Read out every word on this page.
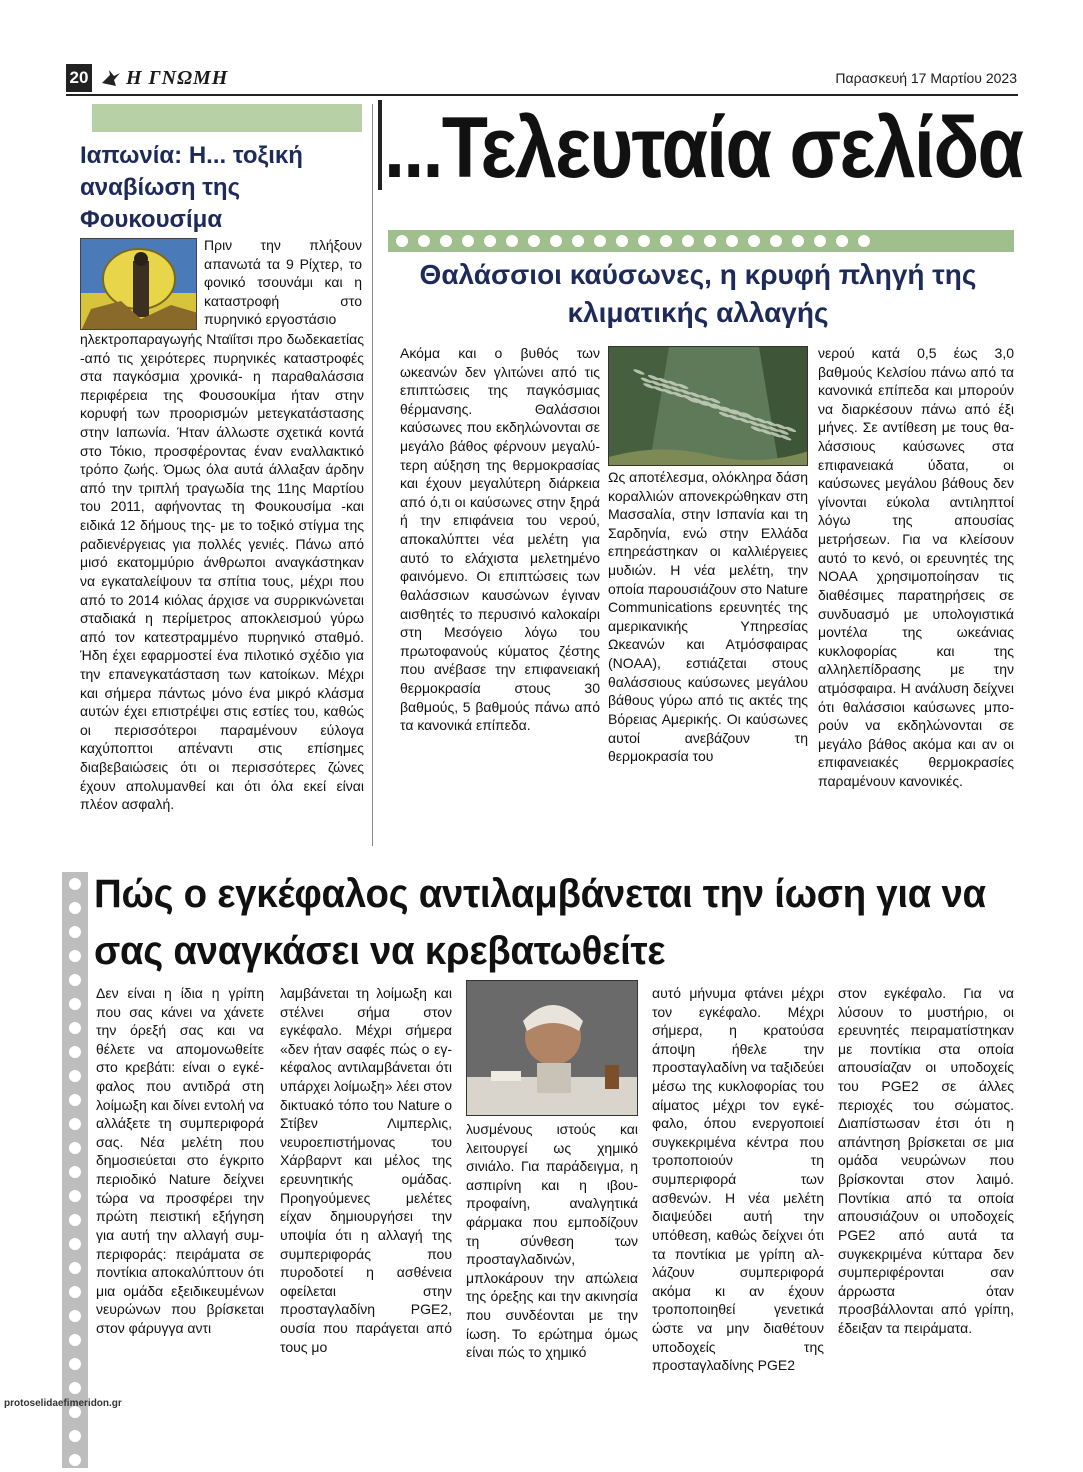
20 Η ΓΝΩΜΗ	Παρασκευή 17 Μαρτίου 2023
...Τελευταία σελίδα
Ιαπωνία: Η... τοξική αναβίωση της Φουκουσίμα

Πριν την πλήξουν απανωτά τα 9 Ρίχτερ, το φονικό τσουνάμι και η καταστροφή στο πυρηνικό εργοστάσιο

ηλεκτροπαραγωγής Νταϊίτσι προ δωδεκαετίας -από τις χειρότερες πυρηνικές καταστροφές στα παγκόσμια χρονικά- η παραθαλάσσια περιφέρεια της Φουσουκίμα ήταν στην κορυφή των προορισμών μετεγκατάστασης στην Ιαπωνία. Ήταν άλλωστε σχετικά κοντά στο Τόκιο, προσφέροντας έναν εναλλακτικό τρόπο ζωής. Όμως όλα αυτά άλλαξαν άρδην από την τριπλή τραγωδία της 11ης Μαρτίου του 2011, αφήνοντας τη Φουκουσίμα -και ειδικά 12 δήμους της- με το τοξικό στίγμα της ραδιενέργειας για πολλές γενιές. Πάνω από μισό εκατομμύριο άνθρωποι αναγκάστηκαν να εγκαταλείψουν τα σπίτια τους, μέχρι που από το 2014 κιόλας άρχισε να συρρικνώνεται σταδιακά η περίμετρος αποκλεισμού γύρω από τον κατεστραμμένο πυρηνικό σταθμό. Ήδη έχει εφαρμοστεί ένα πιλοτικό σχέδιο για την επανεγκατάσταση των κατοίκων. Μέχρι και σήμερα πάντως μόνο ένα μικρό κλάσμα αυτών έχει επιστρέψει στις εστίες του, καθώς οι περισσότεροι παραμένουν εύλογα καχύποπτοι απέναντι στις επίσημες διαβεβαιώσεις ότι οι περισσότερες ζώνες έχουν απολυμανθεί και ότι όλα εκεί είναι πλέον ασφαλή.

Θαλάσσιοι καύσωνες, η κρυφή πληγή της κλιματικής αλλαγής

Ακόμα και ο βυθός των ωκεανών δεν γλιτώνει από τις επιπτώσεις της παγκόσμιας θέρμανσης. Θαλάσσιοι καύσωνες που εκδηλώνονται σε μεγάλο βάθος φέρνουν μεγαλύτερη αύξηση της θερμοκρασίας και έχουν μεγαλύτερη διάρκεια από ό,τι οι καύσωνες στην ξηρά ή την επιφάνεια του νερού, αποκαλύπτει νέα μελέτη για αυτό το ελάχιστα μελετημένο φαινόμενο. Οι επιπτώσεις των θαλάσσιων καυσώνων έγιναν αισθητές το περυσινό καλοκαίρι στη Μεσόγειο λόγω του πρωτοφανούς κύματος ζέστης που ανέβασε την επιφανειακή θερμοκρασία στους 30 βαθμούς, 5 βαθμούς πάνω από τα κανονικά επίπεδα.

Ως αποτέλεσμα, ολόκληρα δάση κοραλλιών απονεκρώθηκαν στη Μασσαλία, στην Ισπανία και τη Σαρδηνία, ενώ στην Ελλάδα επηρεάστηκαν οι καλλιέργειες μυδιών. Η νέα μελέτη, την οποία παρουσιάζουν στο Nature Communications ερευνητές της αμερικανικής Υπηρεσίας Ωκεανών και Ατμόσφαιρας (NOAA), εστιάζεται στους θαλάσσιους καύσωνες μεγάλου βάθους γύρω από τις ακτές της Βόρειας Αμερικής. Οι καύσωνες αυτοί ανεβάζουν τη θερμοκρασία του

νερού κατά 0,5 έως 3,0 βαθμούς Κελσίου πάνω από τα κανονικά επίπεδα και μπορούν να διαρκέσουν πάνω από έξι μήνες. Σε αντίθεση με τους θαλάσσιους καύσωνες στα επιφανειακά ύδατα, οι καύσωνες μεγάλου βάθους δεν γίνονται εύκολα αντιληπτοί λόγω της απουσίας μετρήσεων. Για να κλείσουν αυτό το κενό, οι ερευνητές της NOAA χρησιμοποίησαν τις διαθέσιμες παρατηρήσεις σε συνδυασμό με υπολογιστικά μοντέλα της ωκεάνιας κυκλοφορίας και της αλληλεπίδρασης με την ατμόσφαιρα. Η ανάλυση δείχνει ότι θαλάσσιοι καύσωνες μπορούν να εκδηλώνονται σε μεγάλο βάθος ακόμα και αν οι επιφανειακές θερμοκρασίες παραμένουν κανονικές.

Πώς ο εγκέφαλος αντιλαμβάνεται την ίωση για να σας αναγκάσει να κρεβατωθείτε

Δεν είναι η ίδια η γρίπη που σας κάνει να χάνετε την όρεξή σας και να θέλετε να απομονωθείτε στο κρεβάτι: είναι ο εγκέφαλος που αντιδρά στη λοίμωξη και δίνει εντολή να αλλάξετε τη συμπεριφορά σας. Νέα μελέτη που δημοσιεύεται στο έγκριτο περιοδικό Nature δείχνει τώρα να προσφέρει την πρώτη πειστική εξήγηση για αυτή την αλλαγή συμπεριφοράς: πειράματα σε ποντίκια αποκαλύπτουν ότι μια ομάδα εξειδικευμένων νευρώνων που βρίσκεται στον φάρυγγα αντι

λαμβάνεται τη λοίμωξη και στέλνει σήμα στον εγκέφαλο. Μέχρι σήμερα «δεν ήταν σαφές πώς ο εγκέφαλος αντιλαμβάνεται ότι υπάρχει λοίμωξη» λέει στον δικτυακό τόπο του Nature ο Στίβεν Λιμπερλις, νευροεπιστήμονας του Χάρβαρντ και μέλος της ερευνητικής ομάδας. Προηγούμενες μελέτες είχαν δημιουργήσει την υποψία ότι η αλλαγή της συμπεριφοράς που πυροδοτεί η ασθένεια οφείλεται στην προσταγλαδίνη PGE2, ουσία που παράγεται από τους μο

λυσμένους ιστούς και λειτουργεί ως χημικό σινιάλο. Για παράδειγμα, η ασπιρίνη και η ιβουπροφαίνη, αναλγητικά φάρμακα που εμποδίζουν τη σύνθεση των προσταγλαδινών, μπλοκάρουν την απώλεια της όρεξης και την ακινησία που συνδέονται με την ίωση. Το ερώτημα όμως είναι πώς το χημικό

αυτό μήνυμα φτάνει μέχρι τον εγκέφαλο. Μέχρι σήμερα, η κρατούσα άποψη ήθελε την προσταγλαδίνη να ταξιδεύει μέσω της κυκλοφορίας του αίματος μέχρι τον εγκέφαλο, όπου ενεργοποιεί συγκεκριμένα κέντρα που τροποποιούν τη συμπεριφορά των ασθενών. Η νέα μελέτη διαψεύδει αυτή την υπόθεση, καθώς δείχνει ότι τα ποντίκια με γρίπη αλλάζουν συμπεριφορά ακόμα κι αν έχουν τροποποιηθεί γενετικά ώστε να μην διαθέτουν υποδοχείς της προσταγλαδίνης PGE2

στον εγκέφαλο. Για να λύσουν το μυστήριο, οι ερευνητές πειραματίστηκαν με ποντίκια στα οποία απουσίαζαν οι υποδοχείς του PGE2 σε άλλες περιοχές του σώματος. Διαπίστωσαν έτσι ότι η απάντηση βρίσκεται σε μια ομάδα νευρώνων που βρίσκονται στον λαιμό. Ποντίκια από τα οποία απουσιάζουν οι υποδοχείς PGE2 από αυτά τα συγκεκριμένα κύτταρα δεν συμπεριφέρονται σαν άρρωστα όταν προσβάλλονται από γρίπη, έδειξαν τα πειράματα.

protoselidaefimeridon.gr
